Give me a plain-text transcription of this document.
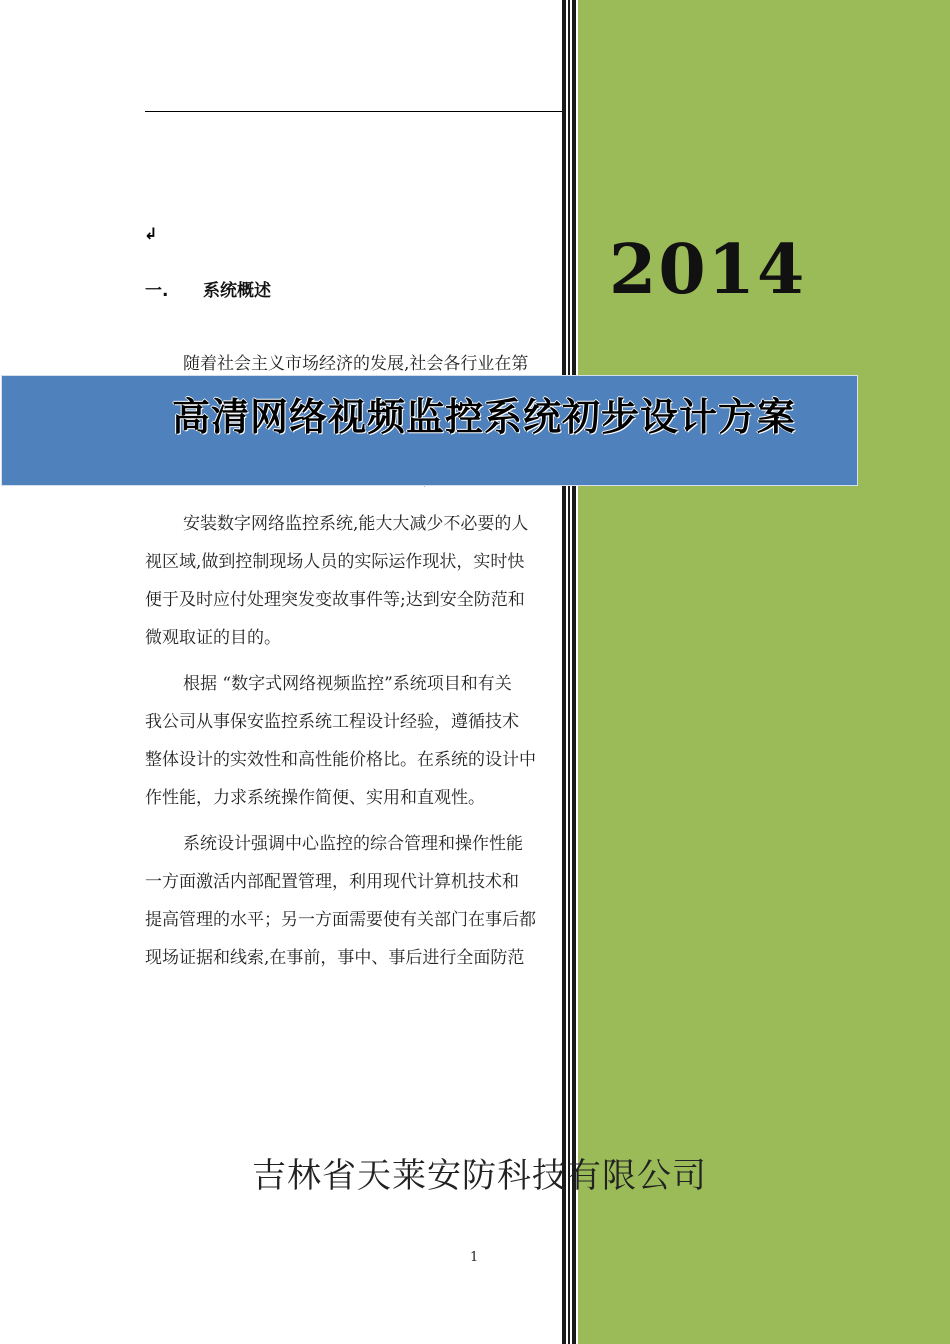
↲
一. 系统概述
随着社会主义市场经济的发展,社会各行业在第
安装数字网络监控系统,能大大减少不必要的人
视区域,做到控制现场人员的实际运作现状，实时快
便于及时应付处理突发变故事件等;达到安全防范和
微观取证的目的。
根据 “数字式网络视频监控”系统项目和有关
我公司从事保安监控系统工程设计经验，遵循技术
整体设计的实效性和高性能价格比。在系统的设计中
作性能，力求系统操作简便、实用和直观性。
系统设计强调中心监控的综合管理和操作性能
一方面激活内部配置管理，利用现代计算机技术和
提高管理的水平；另一方面需要使有关部门在事后都
现场证据和线索,在事前，事中、事后进行全面防范
1
2014
高清网络视频监控系统初步设计方案
吉林省天莱安防科技有限公司
